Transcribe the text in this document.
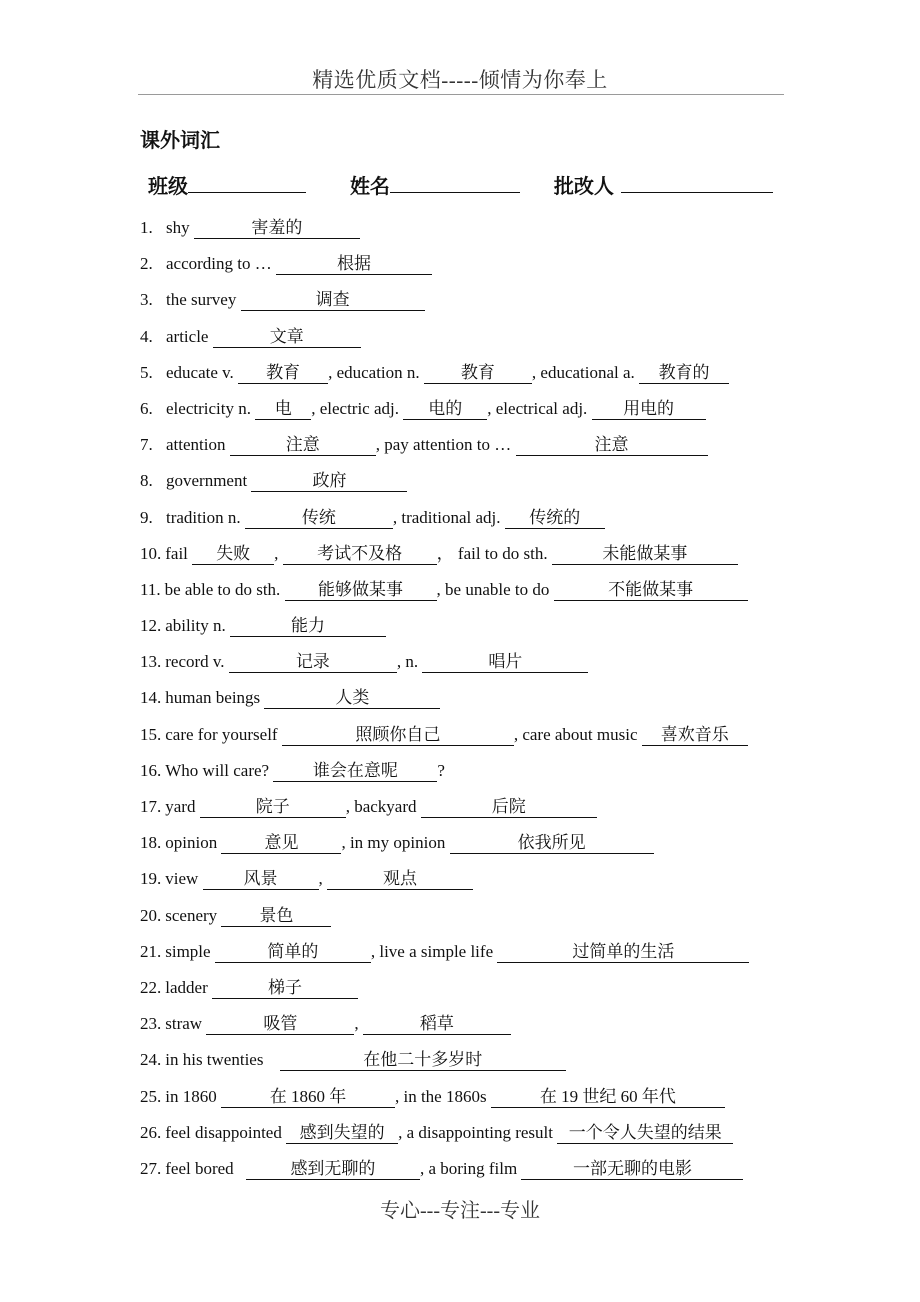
精选优质文档-----倾情为你奉上
课外词汇
班级	姓名	批改人
1. shy	害羞的
2. according to …	根据
3. the survey	调查
4. article	文章
5. educate v. 教育 , education n. 教育 , educational a. 教育的
6. electricity n. 电 , electric adj. 电的 , electrical adj. 用电的
7. attention	注意	, pay attention to …	注意
8. government	政府
9. tradition n.	传统	, traditional adj. 传统的
10. fail 失败 , 考试不及格 ， fail to do sth.	未能做某事
11. be able to do sth. 能够做某事 , be unable to do	不能做某事
12. ability n.	能力
13. record v.	记录	, n.	唱片
14. human beings	人类
15. care for yourself	照顾你自己	, care about music 喜欢音乐
16. Who will care?	谁会在意呢 ?
17. yard	院子	, backyard	后院
18. opinion	意见	, in my opinion	依我所见
19. view	风景 ,	观点
20. scenery 景色
21. simple	简单的	, live a simple life	过简单的生活
22. ladder	梯子
23. straw	吸管	,	稻草
24. in his twenties	在他二十多岁时
25. in 1860	在 1860 年	, in the 1860s	在 19 世纪 60 年代
26. feel disappointed 感到失望的 , a disappointing result 一个令人失望的结果
27. feel bored	感到无聊的	, a boring film	一部无聊的电影
专心---专注---专业
